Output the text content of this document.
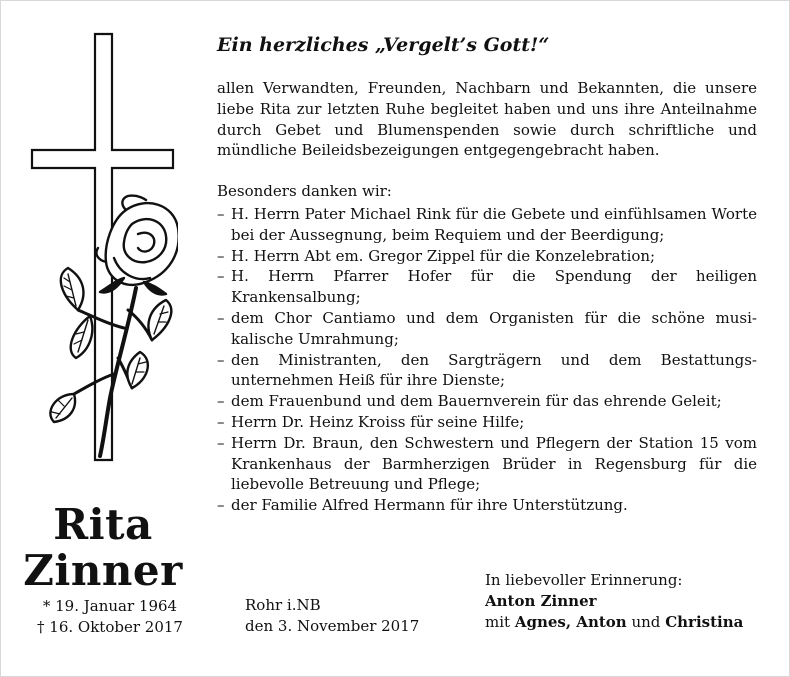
Rita
Zinner
* 19. Januar 1964
† 16. Oktober 2017
Ein herzliches „Vergelt’s Gott!“

allen Verwandten, Freunden, Nachbarn und Bekannten, die unsere liebe Rita zur letzten Ruhe begleitet haben und uns ihre Anteilnahme durch Gebet und Blumenspenden sowie durch schriftliche und mündliche Beileidsbezeigungen entgegengebracht haben.

Besonders danken wir:

– H. Herrn Pater Michael Rink für die Gebete und einfühlsamen Worte bei der Aussegnung, beim Requiem und der Beerdigung;
– H. Herrn Abt em. Gregor Zippel für die Konzelebration;
– H. Herrn Pfarrer Hofer für die Spendung der heiligen Krankensalbung;
– dem Chor Cantiamo und dem Organisten für die schöne musikalische Umrahmung;
– den Ministranten, den Sargträgern und dem Bestattungsunternehmen Heiß für ihre Dienste;
– dem Frauenbund und dem Bauernverein für das ehrende Geleit;
– Herrn Dr. Heinz Kroiss für seine Hilfe;
– Herrn Dr. Braun, den Schwestern und Pflegern der Station 15 vom Krankenhaus der Barmherzigen Brüder in Regensburg für die liebevolle Betreuung und Pflege;
– der Familie Alfred Hermann für ihre Unterstützung.
Rohr i.NB
den 3. November 2017
In liebevoller Erinnerung:
Anton Zinner
mit Agnes, Anton und Christina
